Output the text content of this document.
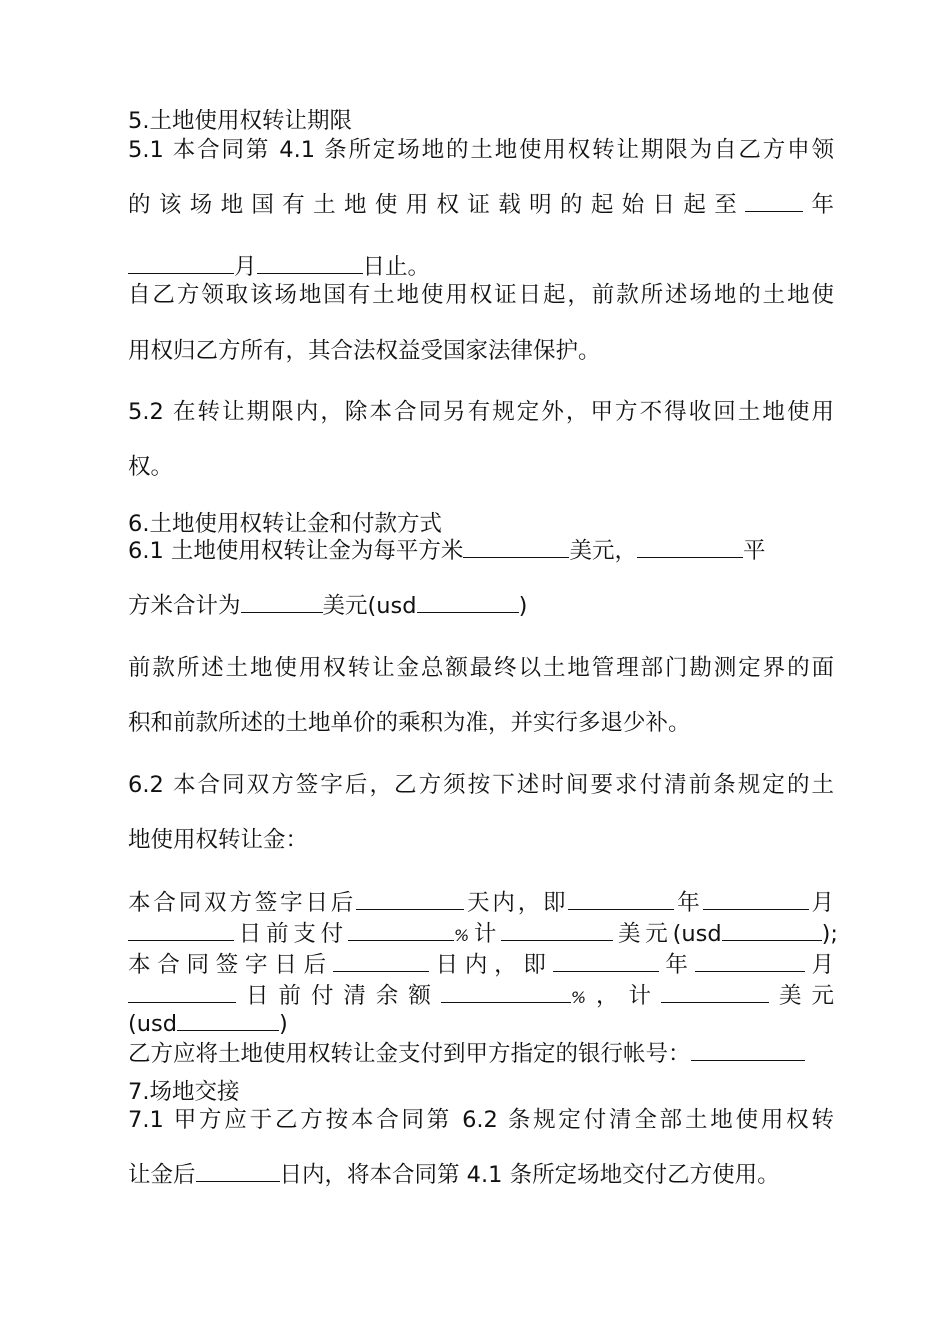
5.土地使用权转让期限

5.1 本合同第 4.1 条所定场地的土地使用权转让期限为自乙方申领

的该场地国有土地使用权证载明的起始日起至	年

月	日止。

自乙方领取该场地国有土地使用权证日起，前款所述场地的土地使

用权归乙方所有，其合法权益受国家法律保护。

5.2 在转让期限内，除本合同另有规定外，甲方不得收回土地使用

权。

6.土地使用权转让金和付款方式

6.1 土地使用权转让金为每平方米	美元，	平

方米合计为	美元(usd	)

前款所述土地使用权转让金总额最终以土地管理部门勘测定界的面

积和前款所述的土地单价的乘积为准，并实行多退少补。

6.2 本合同双方签字后，乙方须按下述时间要求付清前条规定的土

地使用权转让金：

本合同双方签字日后	天内，即	年	月

日前支付	%计	美元(usd	);

本合同签字日后	日内，即	年	月

日前付清余额	%，计	美元

(usd	)

乙方应将土地使用权转让金支付到甲方指定的银行帐号：

7.场地交接

7.1 甲方应于乙方按本合同第 6.2 条规定付清全部土地使用权转

让金后	日内，将本合同第 4.1 条所定场地交付乙方使用。
